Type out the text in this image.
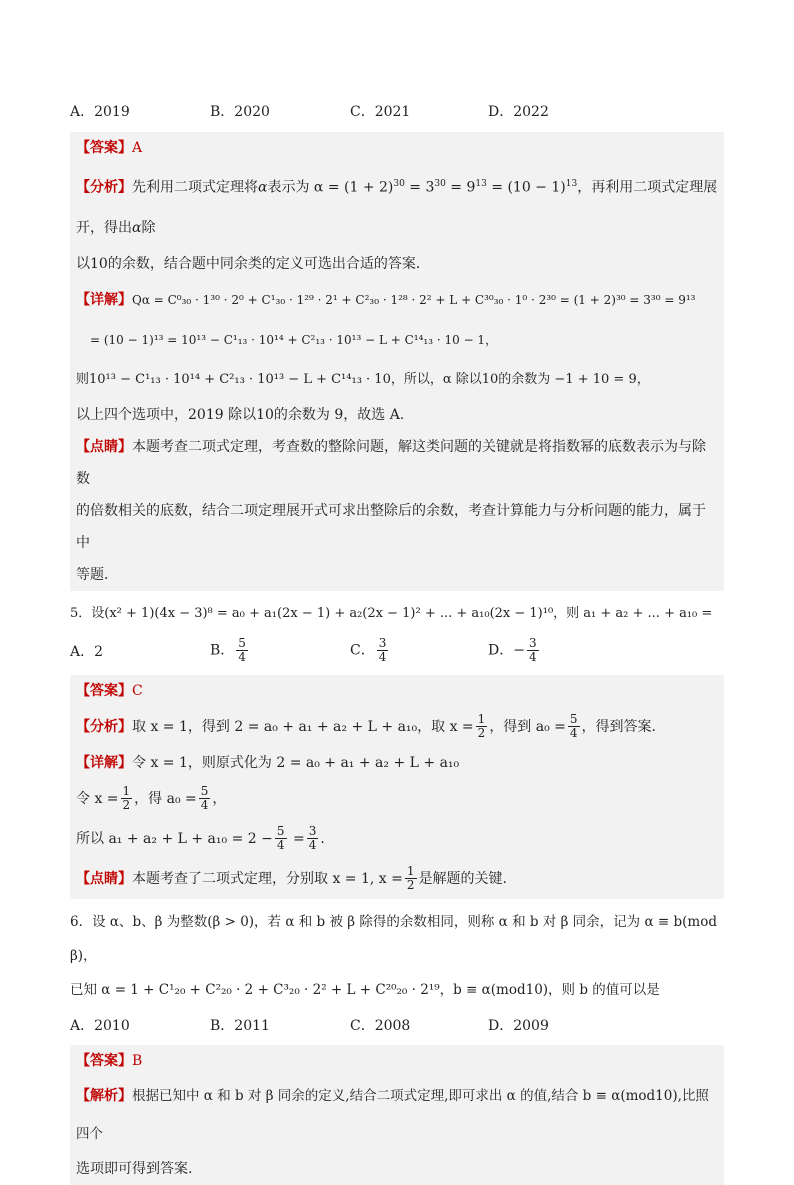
A．2019	B．2020	C．2021	D．2022
【答案】A
【分析】先利用二项式定理将α表示为 $\alpha = (1 + 2)^{30} = 3^{30} = 9^{13} = (10 - 1)^{13}$，再利用二项式定理展开，得出α除
以10的余数，结合题中同余类的定义可选出合适的答案．
【详解】Qα = C⁰₃₀ · 1³⁰ · 2⁰ + C¹₃₀ · 1²⁹ · 2¹ + C²₃₀ · 1²⁸ · 2² + L + C³⁰₃₀ · 1⁰ · 2³⁰ = (1 + 2)³⁰ = 3³⁰ = 9¹³
= (10 − 1)¹³ = 10¹³ − C¹₁₃ · 10¹⁴ + C²₁₃ · 10¹³ − L + C¹⁴₁₃ · 10 − 1，
则10¹³ − C¹₁₃ · 10¹⁴ + C²₁₃ · 10¹³ − L + C¹⁴₁₃ · 10，所以，α 除以10的余数为 −1 + 10 = 9，
以上四个选项中，2019 除以10的余数为 9，故选 A.
【点睛】本题考查二项式定理，考查数的整除问题，解这类问题的关键就是将指数幂的底数表示为与除数
的倍数相关的底数，结合二项定理展开式可求出整除后的余数，考查计算能力与分析问题的能力，属于中
等题．
5．设(x² + 1)(4x − 3)⁸ = a₀ + a₁(2x − 1) + a₂(2x − 1)² + ... + a₁₀(2x − 1)¹⁰，则 a₁ + a₂ + ... + a₁₀ =
A．2	B． $\frac{5}{4}$	C． $\frac{3}{4}$	D．− $\frac{3}{4}$
【答案】C
【分析】取 x = 1，得到 2 = a₀ + a₁ + a₂ + L + a₁₀，取 $x = \frac{1}{2}$ ，得到 $a_0 = \frac{5}{4}$ ，得到答案.
【详解】令 x = 1，则原式化为 2 = a₀ + a₁ + a₂ + L + a₁₀
令 $x = \frac{1}{2}$ ，得 $a_0 = \frac{5}{4}$ ，
所以 $a_1 + a_2 + L + a_{10} = 2 - \frac{5}{4} = \frac{3}{4}$ .
【点睛】本题考查了二项式定理，分别取 x = 1, $x = \frac{1}{2}$ 是解题的关键.
6．设 α、b、β 为整数(β > 0)，若 α 和 b 被 β 除得的余数相同，则称 α 和 b 对 β 同余，记为 α ≡ b(mod β)，
已知 α = 1 + C¹₂₀ + C²₂₀ · 2 + C³₂₀ · 2² + L + C²⁰₂₀ · 2¹⁹，b ≡ α(mod10)，则 b 的值可以是
A．2010	B．2011	C．2008	D．2009
【答案】B
【解析】根据已知中 α 和 b 对 β 同余的定义,结合二项式定理,即可求出 α 的值,结合 b ≡ α(mod10),比照四个
选项即可得到答案.
